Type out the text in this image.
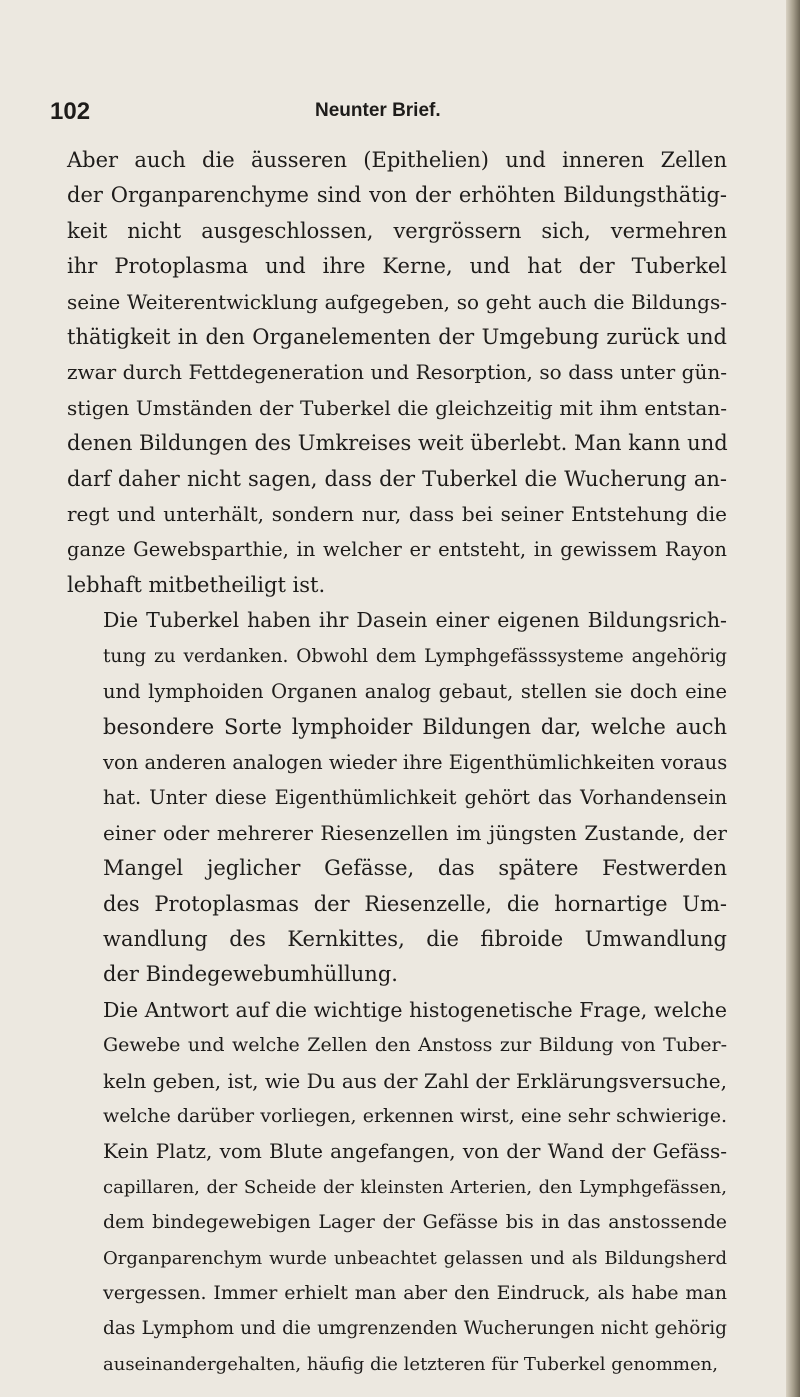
102	Neunter Brief.
Aber auch die äusseren (Epithelien) und inneren Zellen
der Organparenchyme sind von der erhöhten Bildungsthätig-
keit nicht ausgeschlossen, vergrössern sich, vermehren
ihr Protoplasma und ihre Kerne, und hat der Tuberkel
seine Weiterentwicklung aufgegeben, so geht auch die Bildungs-
thätigkeit in den Organelementen der Umgebung zurück und
zwar durch Fettdegeneration und Resorption, so dass unter gün-
stigen Umständen der Tuberkel die gleichzeitig mit ihm entstan-
denen Bildungen des Umkreises weit überlebt. Man kann und
darf daher nicht sagen, dass der Tuberkel die Wucherung an-
regt und unterhält, sondern nur, dass bei seiner Entstehung die
ganze Gewebsparthie, in welcher er entsteht, in gewissem Rayon
lebhaft mitbetheiligt ist.
Die Tuberkel haben ihr Dasein einer eigenen Bildungsrich-
tung zu verdanken. Obwohl dem Lymphgefässsysteme angehörig
und lymphoiden Organen analog gebaut, stellen sie doch eine
besondere Sorte lymphoider Bildungen dar, welche auch
von anderen analogen wieder ihre Eigenthümlichkeiten voraus
hat. Unter diese Eigenthümlichkeit gehört das Vorhandensein
einer oder mehrerer Riesenzellen im jüngsten Zustande, der
Mangel jeglicher Gefässe, das spätere Festwerden
des Protoplasmas der Riesenzelle, die hornartige Um-
wandlung des Kernkittes, die fibroide Umwandlung
der Bindegewebumhüllung.
Die Antwort auf die wichtige histogenetische Frage, welche
Gewebe und welche Zellen den Anstoss zur Bildung von Tuber-
keln geben, ist, wie Du aus der Zahl der Erklärungsversuche,
welche darüber vorliegen, erkennen wirst, eine sehr schwierige.
Kein Platz, vom Blute angefangen, von der Wand der Gefäss-
capillaren, der Scheide der kleinsten Arterien, den Lymphgefässen,
dem bindegewebigen Lager der Gefässe bis in das anstossende
Organparenchym wurde unbeachtet gelassen und als Bildungsherd
vergessen. Immer erhielt man aber den Eindruck, als habe man
das Lymphom und die umgrenzenden Wucherungen nicht gehörig
auseinandergehalten, häufig die letzteren für Tuberkel genommen,
